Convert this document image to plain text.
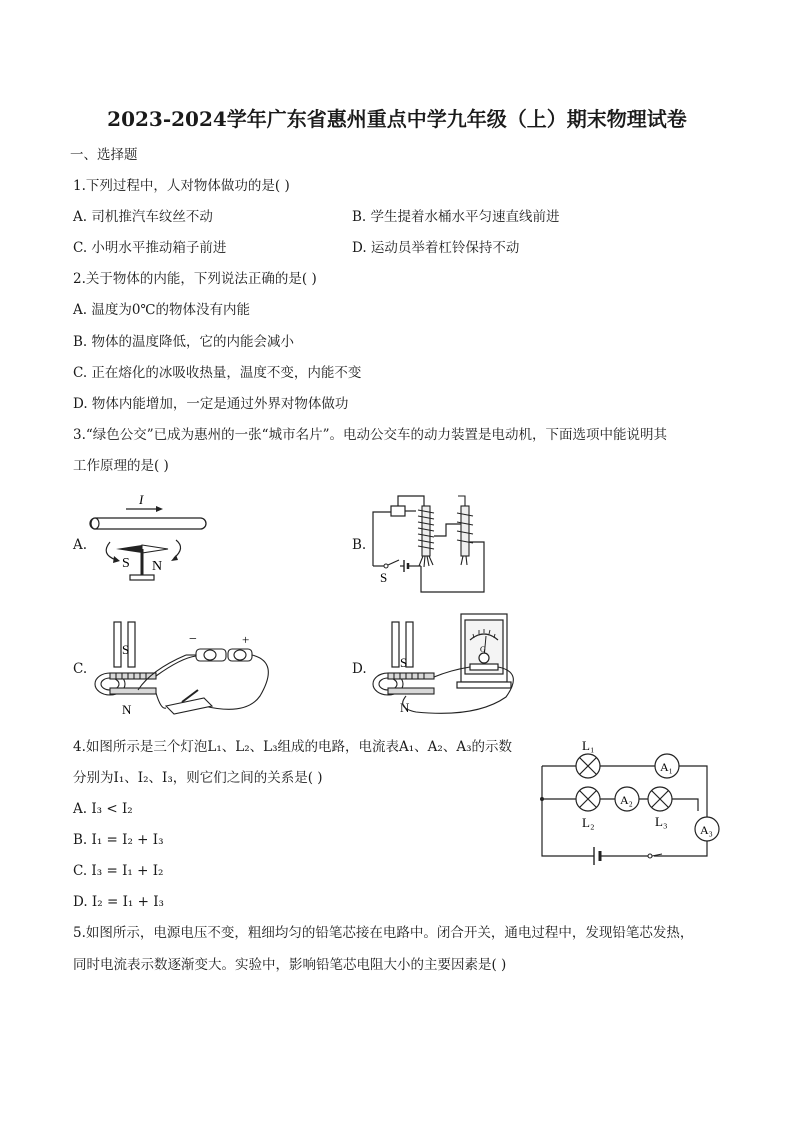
2023-2024学年广东省惠州重点中学九年级（上）期末物理试卷
一、选择题
1.下列过程中，人对物体做功的是( )
A. 司机推汽车纹丝不动	B. 学生提着水桶水平匀速直线前进
C. 小明水平推动箱子前进	D. 运动员举着杠铃保持不动
2.关于物体的内能，下列说法正确的是( )
A. 温度为0℃的物体没有内能
B. 物体的温度降低，它的内能会减小
C. 正在熔化的冰吸收热量，温度不变，内能不变
D. 物体内能增加，一定是通过外界对物体做功
3.“绿色公交”已成为惠州的一张“城市名片”。电动公交车的动力装置是电动机，下面选项中能说明其
工作原理的是( )
A.
I
S N
B.
S
C.
S
N
−	+
D.	S
N
G
4.如图所示是三个灯泡L₁、L₂、L₃组成的电路，电流表A₁、A₂、A₃的示数
分别为I₁、I₂、I₃，则它们之间的关系是( )
A. I₃ < I₂
B. I₁ = I₂ + I₃
C. I₃ = I₁ + I₂
D. I₂ = I₁ + I₃
L₁
L₂	L₃
A₁
A₂
A₃
5.如图所示，电源电压不变，粗细均匀的铅笔芯接在电路中。闭合开关，通电过程中，发现铅笔芯发热，
同时电流表示数逐渐变大。实验中，影响铅笔芯电阻大小的主要因素是( )
